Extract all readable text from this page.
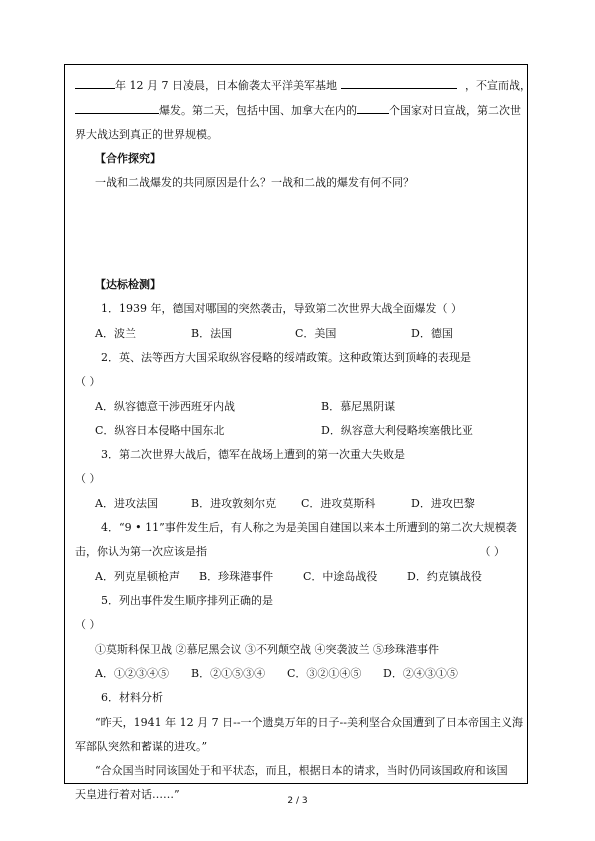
年 12 月 7 日凌晨，日本偷袭太平洋美军基地	，不宣而战，
爆发。第二天，包括中国、加拿大在内的	个国家对日宣战，第二次世
界大战达到真正的世界规模。
【合作探究】
一战和二战爆发的共同原因是什么？一战和二战的爆发有何不同？
【达标检测】
1．1939 年，德国对哪国的突然袭击，导致第二次世界大战全面爆发（ ）
A．波兰	B．法国	C．美国	D．德国
2．英、法等西方大国采取纵容侵略的绥靖政策。这种政策达到顶峰的表现是
（ ）
A．纵容德意干涉西班牙内战	B．慕尼黑阴谋
C．纵容日本侵略中国东北	D．纵容意大利侵略埃塞俄比亚
3．第二次世界大战后，德军在战场上遭到的第一次重大失败是
（ ）
A．进攻法国	B．进攻敦刻尔克 C．进攻莫斯科	D．进攻巴黎
4．“9 • 11”事件发生后，有人称之为是美国自建国以来本土所遭到的第二次大规模袭
击，你认为第一次应该是指	（ ）
A．列克星顿枪声 B．珍珠港事件	C．中途岛战役	D．约克镇战役
5．列出事件发生顺序排列正确的是
（ ）
①莫斯科保卫战 ②慕尼黑会议 ③不列颠空战 ④突袭波兰 ⑤珍珠港事件
A．①②③④⑤ B．②①⑤③④ C．③②①④⑤ D．②④③①⑤
6．材料分析
“昨天，1941 年 12 月 7 日--一个遗臭万年的日子--美利坚合众国遭到了日本帝国主义海
军部队突然和蓄谋的进攻。”
“合众国当时同该国处于和平状态，而且，根据日本的请求，当时仍同该国政府和该国
天皇进行着对话……”	2 / 3
